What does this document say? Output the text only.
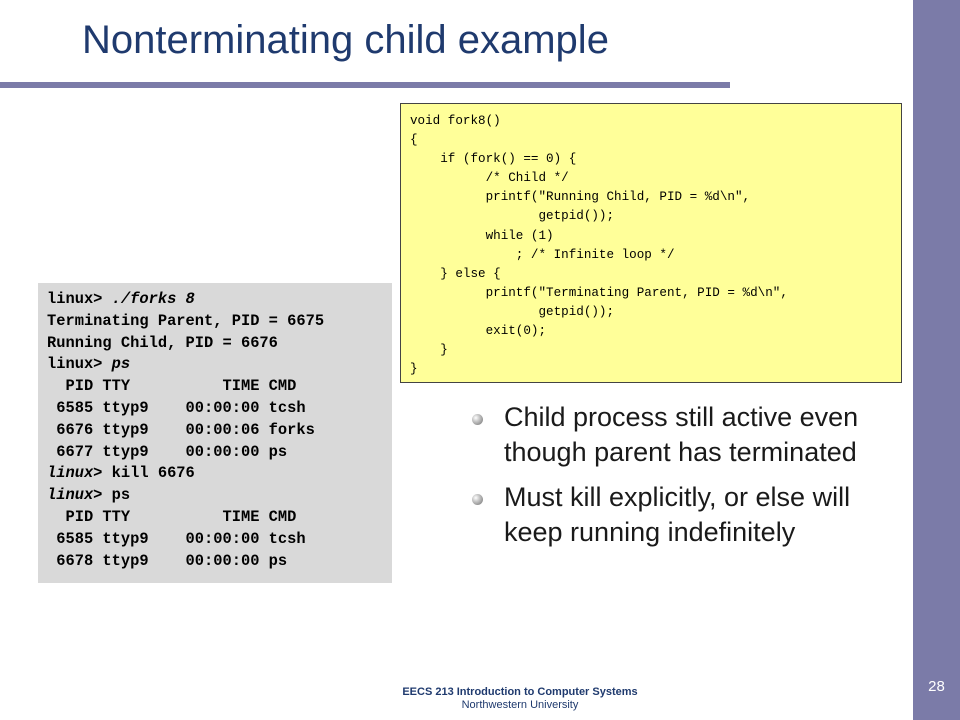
Nonterminating child example
linux> ./forks 8
Terminating Parent, PID = 6675
Running Child, PID = 6676
linux> ps
PID TTY          TIME CMD
6585 ttyp9    00:00:00 tcsh
6676 ttyp9    00:00:06 forks
6677 ttyp9    00:00:00 ps
linux> kill 6676
linux> ps
PID TTY          TIME CMD
6585 ttyp9    00:00:00 tcsh
6678 ttyp9    00:00:00 ps
void fork8()
{
if (fork() == 0) {
/* Child */
printf("Running Child, PID = %d\n",
getpid());
while (1)
; /* Infinite loop */
} else {
printf("Terminating Parent, PID = %d\n",
getpid());
exit(0);
}
}
Child process still active even though parent has terminated
Must kill explicitly, or else will keep running indefinitely
EECS 213 Introduction to Computer Systems
Northwestern University
28
